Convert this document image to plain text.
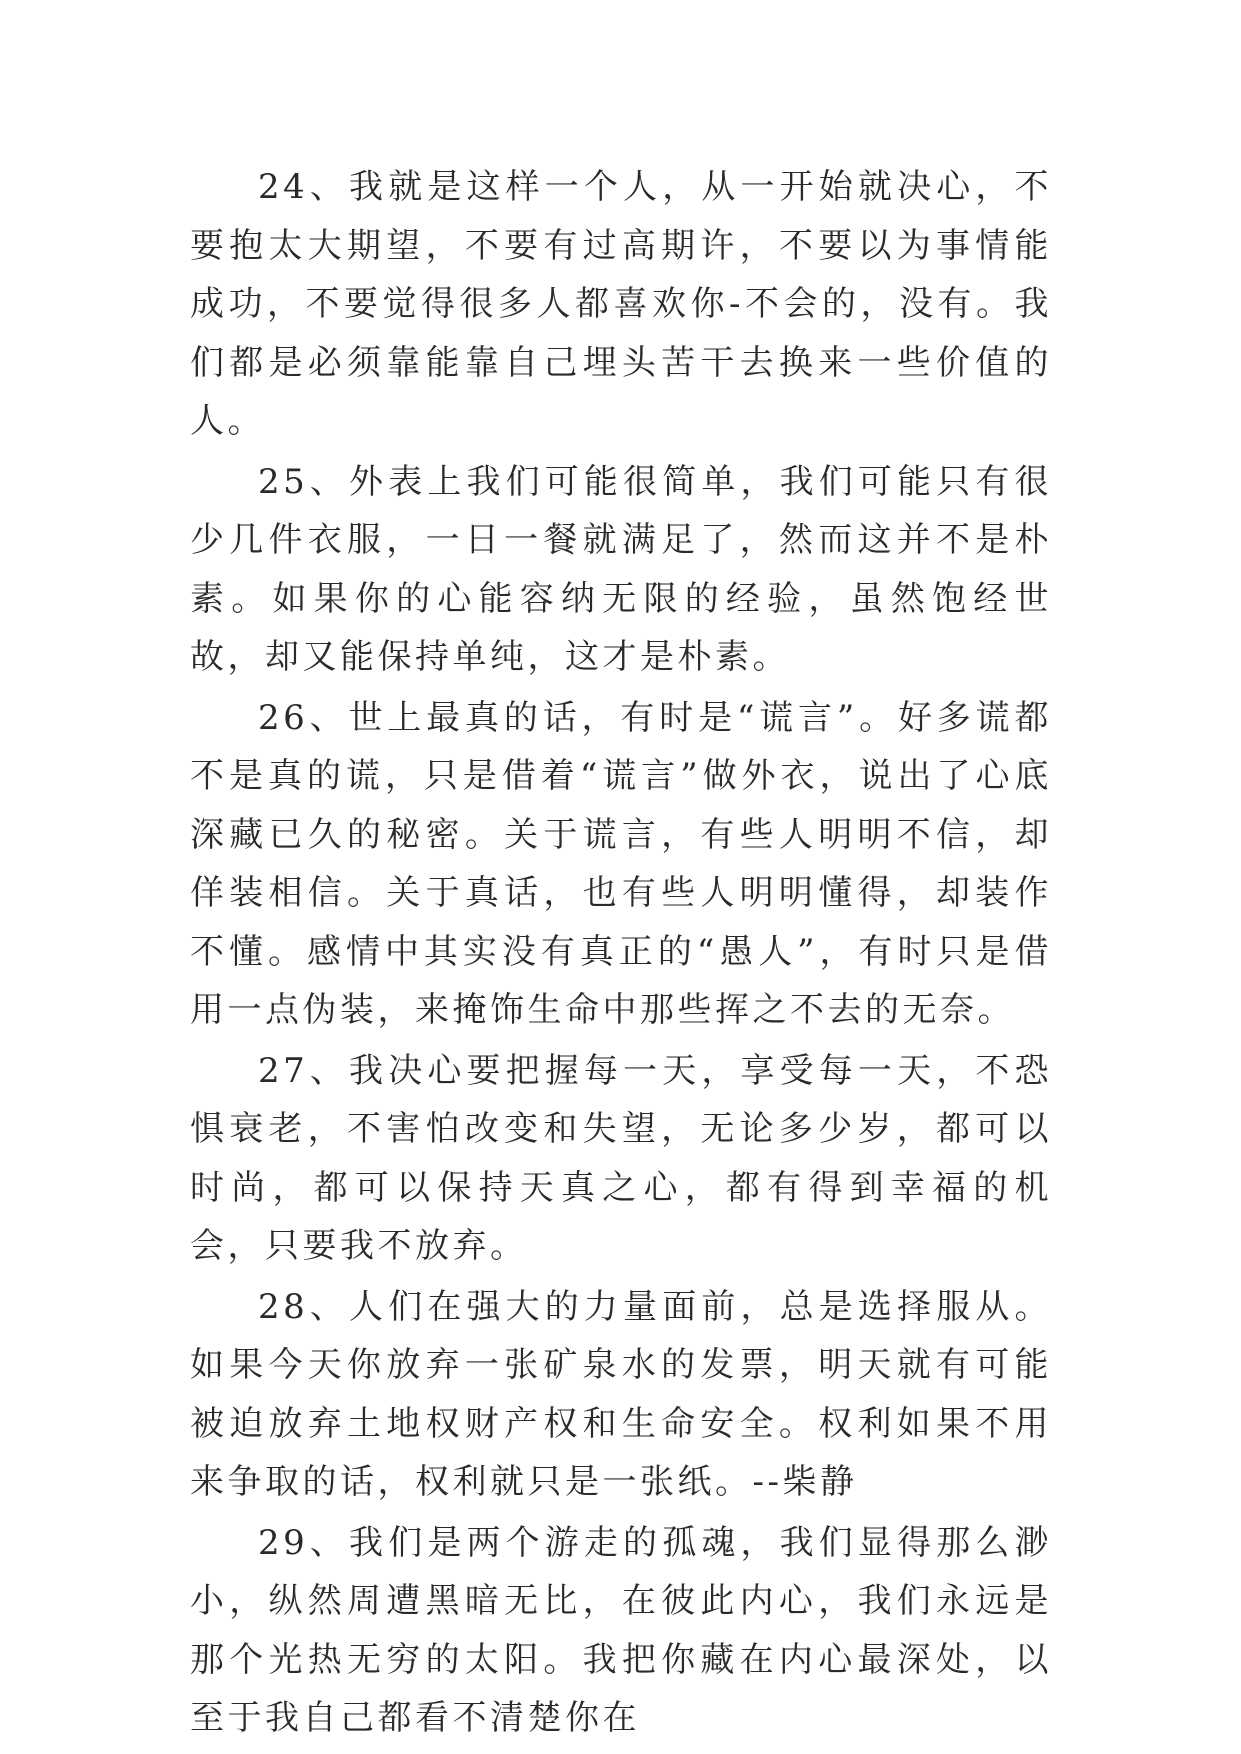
24、我就是这样一个人，从一开始就决心，不要抱太大期望，不要有过高期许，不要以为事情能成功，不要觉得很多人都喜欢你-不会的，没有。我们都是必须靠能靠自己埋头苦干去换来一些价值的人。

25、外表上我们可能很简单，我们可能只有很少几件衣服，一日一餐就满足了，然而这并不是朴素。如果你的心能容纳无限的经验，虽然饱经世故，却又能保持单纯，这才是朴素。

26、世上最真的话，有时是“谎言”。好多谎都不是真的谎，只是借着“谎言”做外衣，说出了心底深藏已久的秘密。关于谎言，有些人明明不信，却佯装相信。关于真话，也有些人明明懂得，却装作不懂。感情中其实没有真正的“愚人”，有时只是借用一点伪装，来掩饰生命中那些挥之不去的无奈。

27、我决心要把握每一天，享受每一天，不恐惧衰老，不害怕改变和失望，无论多少岁，都可以时尚，都可以保持天真之心，都有得到幸福的机会，只要我不放弃。

28、人们在强大的力量面前，总是选择服从。如果今天你放弃一张矿泉水的发票，明天就有可能被迫放弃土地权财产权和生命安全。权利如果不用来争取的话，权利就只是一张纸。--柴静

29、我们是两个游走的孤魂，我们显得那么渺小，纵然周遭黑暗无比，在彼此内心，我们永远是那个光热无穷的太阳。我把你藏在内心最深处，以至于我自己都看不清楚你在
